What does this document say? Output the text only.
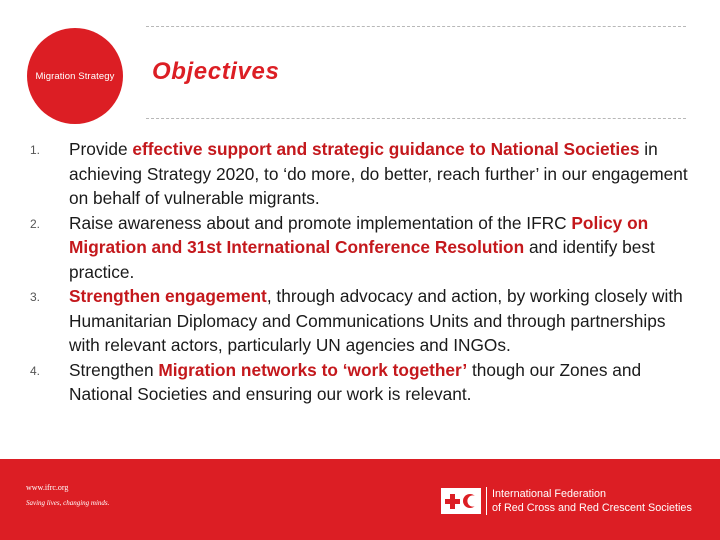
Migration Strategy Objectives
1. Provide effective support and strategic guidance to National Societies in achieving Strategy 2020, to ‘do more, do better, reach further’ in our engagement on behalf of vulnerable migrants.
2. Raise awareness about and promote implementation of the IFRC Policy on Migration and 31st International Conference Resolution and identify best practice.
3. Strengthen engagement, through advocacy and action, by working closely with Humanitarian Diplomacy and Communications Units and through partnerships with relevant actors, particularly UN agencies and INGOs.
4. Strengthen Migration networks to ‘work together’ though our Zones and National Societies and ensuring our work is relevant.
www.ifrc.org
Saving lives, changing minds.
International Federation
of Red Cross and Red Crescent Societies
